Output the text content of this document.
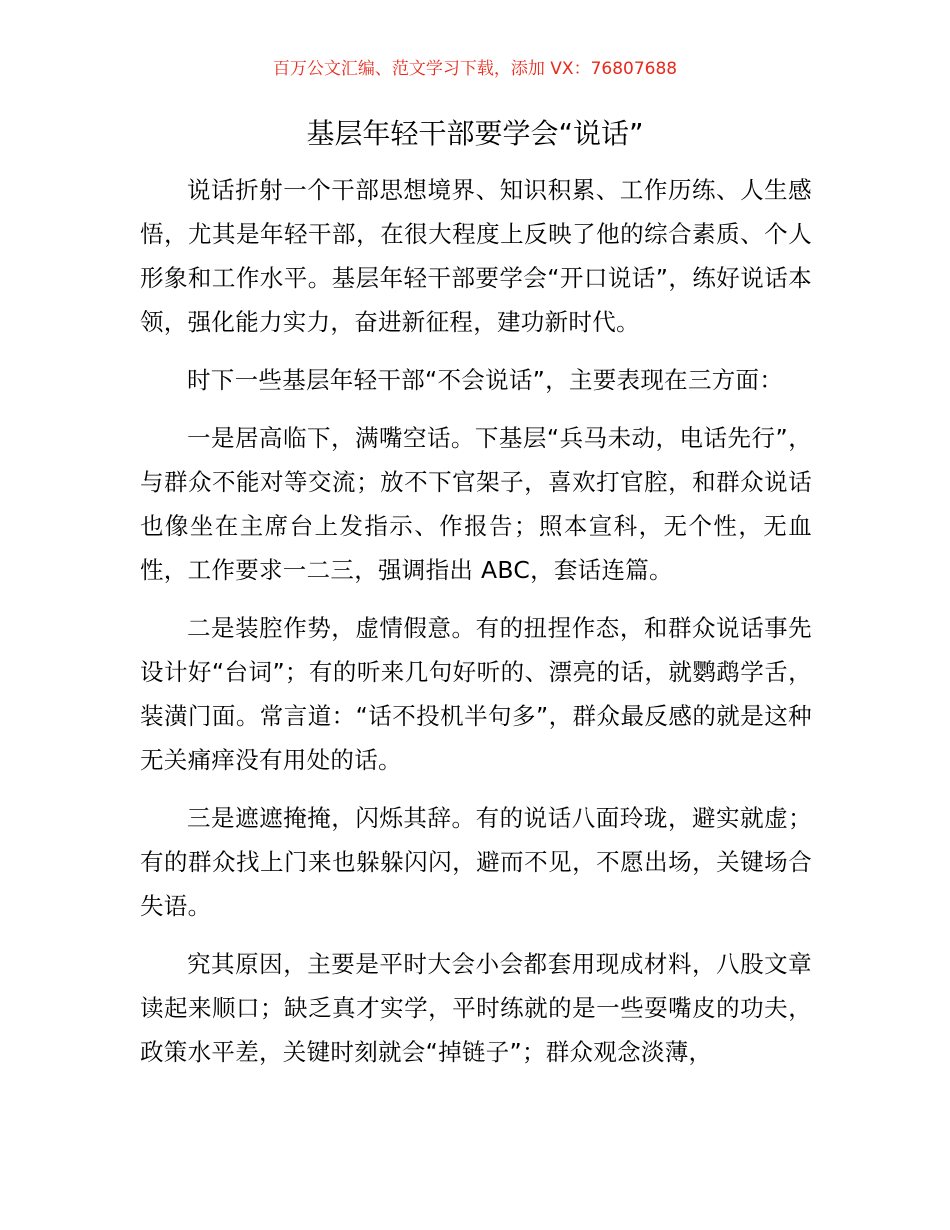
百万公文汇编、范文学习下载，添加 VX：76807688
基层年轻干部要学会“说话”

说话折射一个干部思想境界、知识积累、工作历练、人生感悟，尤其是年轻干部，在很大程度上反映了他的综合素质、个人形象和工作水平。基层年轻干部要学会“开口说话”，练好说话本领，强化能力实力，奋进新征程，建功新时代。

时下一些基层年轻干部“不会说话”，主要表现在三方面：

一是居高临下，满嘴空话。下基层“兵马未动，电话先行”，与群众不能对等交流；放不下官架子，喜欢打官腔，和群众说话也像坐在主席台上发指示、作报告；照本宣科，无个性，无血性，工作要求一二三，强调指出 ABC，套话连篇。

二是装腔作势，虚情假意。有的扭捏作态，和群众说话事先设计好“台词”；有的听来几句好听的、漂亮的话，就鹦鹉学舌，装潢门面。常言道：“话不投机半句多”，群众最反感的就是这种无关痛痒没有用处的话。

三是遮遮掩掩，闪烁其辞。有的说话八面玲珑，避实就虚；有的群众找上门来也躲躲闪闪，避而不见，不愿出场，关键场合失语。

究其原因，主要是平时大会小会都套用现成材料，八股文章读起来顺口；缺乏真才实学，平时练就的是一些耍嘴皮的功夫，政策水平差，关键时刻就会“掉链子”；群众观念淡薄，
